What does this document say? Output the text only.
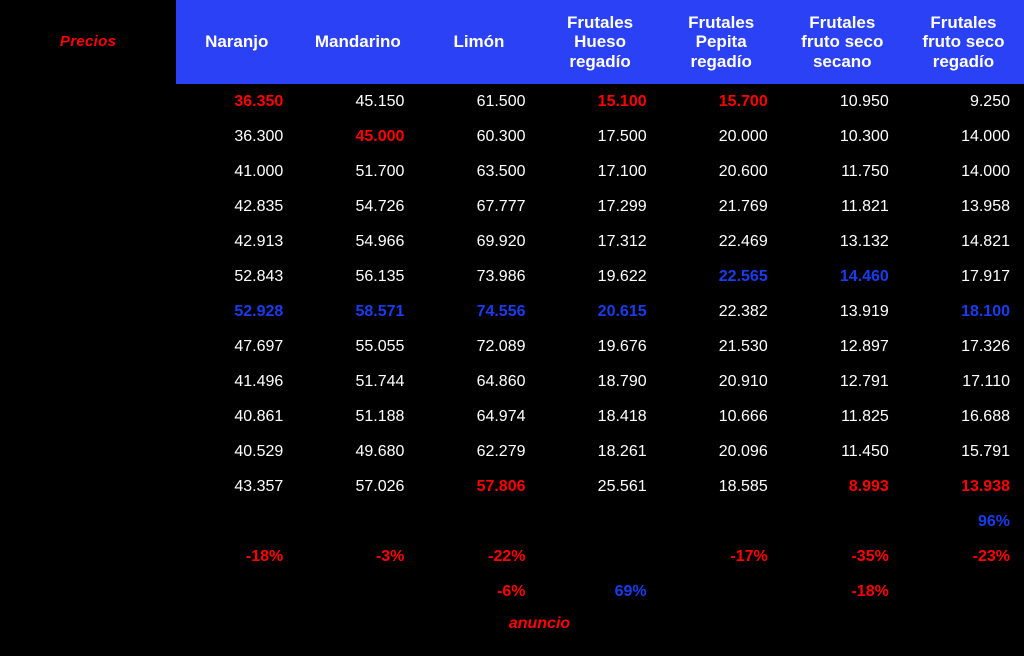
Precios	Naranjo	Mandarino	Limón	Frutales
Hueso
regadío	Frutales
Pepita
regadío	Frutales
fruto seco
secano	Frutales
fruto seco
regadío

	36.350	45.150	61.500	15.100	15.700	10.950	9.250
	36.300	45.000	60.300	17.500	20.000	10.300	14.000
	41.000	51.700	63.500	17.100	20.600	11.750	14.000
	42.835	54.726	67.777	17.299	21.769	11.821	13.958
	42.913	54.966	69.920	17.312	22.469	13.132	14.821
	52.843	56.135	73.986	19.622	22.565	14.460	17.917
	52.928	58.571	74.556	20.615	22.382	13.919	18.100
	47.697	55.055	72.089	19.676	21.530	12.897	17.326
	41.496	51.744	64.860	18.790	20.910	12.791	17.110
	40.861	51.188	64.974	18.418	10.666	11.825	16.688
	40.529	49.680	62.279	18.261	20.096	11.450	15.791
	43.357	57.026	57.806	25.561	18.585	8.993	13.938
							96%
	-18%	-3%	-22%		-17%	-35%	-23%
			-6%	69%		-18%	
			anuncio				
